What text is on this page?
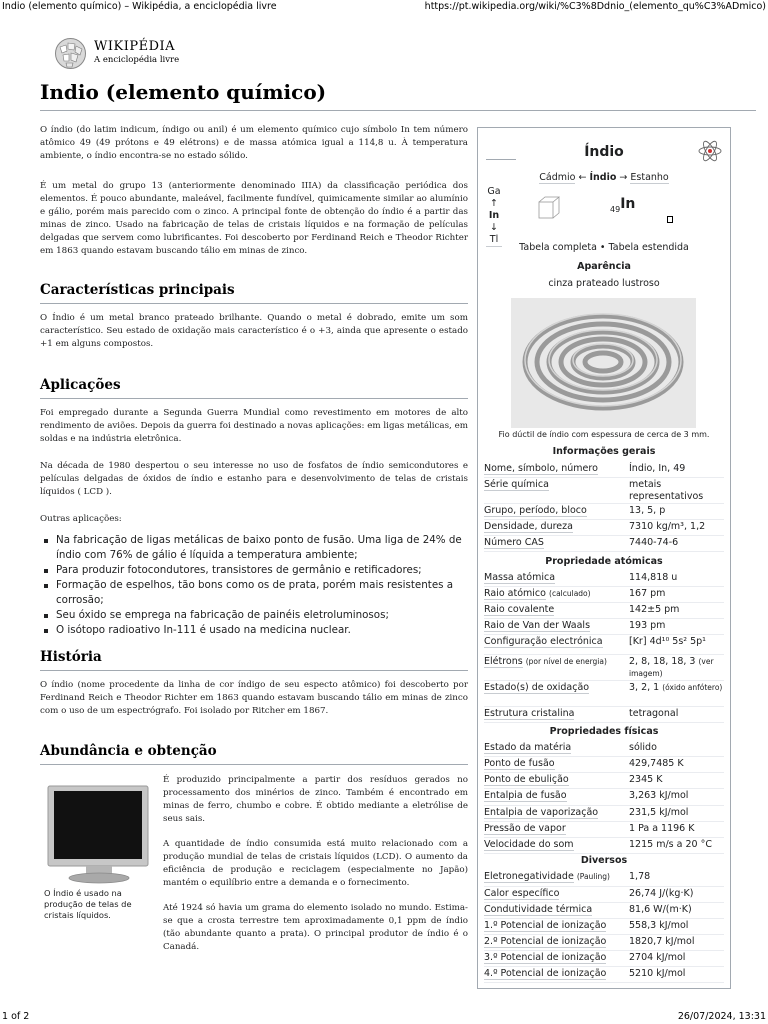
Indio (elemento químico) – Wikipédia, a enciclopédia livre	https://pt.wikipedia.org/wiki/%C3%8Ddnio_(elemento_qu%C3%ADmico)
WIKIPÉDIA
A enciclopédia livre
Indio (elemento químico)

O índio (do latim indicum, índigo ou anil) é um elemento químico cujo símbolo In tem número atômico 49 (49 prótons e 49 elétrons) e de massa atómica igual a 114,8 u. À temperatura ambiente, o índio encontra-se no estado sólido.

É um metal do grupo 13 (anteriormente denominado IIIA) da classificação periódica dos elementos. É pouco abundante, maleável, facilmente fundível, quimicamente similar ao alumínio e gálio, porém mais parecido com o zinco. A principal fonte de obtenção do índio é a partir das minas de zinco. Usado na fabricação de telas de cristais líquidos e na formação de películas delgadas que servem como lubrificantes. Foi descoberto por Ferdinand Reich e Theodor Richter em 1863 quando estavam buscando tálio em minas de zinco.

Características principais
O Índio é um metal branco prateado brilhante. Quando o metal é dobrado, emite um som característico. Seu estado de oxidação mais característico é o +3, ainda que apresente o estado +1 em alguns compostos.
Aplicações

Foi empregado durante a Segunda Guerra Mundial como revestimento em motores de alto rendimento de aviões. Depois da guerra foi destinado a novas aplicações: em ligas metálicas, em soldas e na indústria eletrônica.

Na década de 1980 despertou o seu interesse no uso de fosfatos de índio semicondutores e películas delgadas de óxidos de índio e estanho para e desenvolvimento de telas de cristais líquidos ( LCD ).

Outras aplicações:

Na fabricação de ligas metálicas de baixo ponto de fusão. Uma liga de 24% de índio com 76% de gálio é líquida a temperatura ambiente;
Para produzir fotocondutores, transistores de germânio e retificadores;
Formação de espelhos, tão bons como os de prata, porém mais resistentes a corrosão;
Seu óxido se emprega na fabricação de painéis eletroluminosos;
O isótopo radioativo In-111 é usado na medicina nuclear.
História
O índio (nome procedente da linha de cor índigo de seu especto atômico) foi descoberto por Ferdinand Reich e Theodor Richter em 1863 quando estavam buscando tálio em minas de zinco com o uso de um espectrógrafo. Foi isolado por Ritcher em 1867.
Abundância e obtenção
O Índio é usado na produção de telas de cristais líquidos.

É produzido principalmente a partir dos resíduos gerados no processamento dos minérios de zinco. Também é encontrado em minas de ferro, chumbo e cobre. É obtido mediante a eletrólise de seus sais.

A quantidade de índio consumida está muito relacionado com a produção mundial de telas de cristais líquidos (LCD). O aumento da eficiência de produção e reciclagem (especialmente no Japão) mantém o equilíbrio entre a demanda e o fornecimento.

Até 1924 só havia um grama do elemento isolado no mundo. Estima-se que a crosta terrestre tem aproximadamente 0,1 ppm de índio (tão abundante quanto a prata). O principal produtor de índio é o Canadá.

Índio
Cádmio ← Índio → Estanho
Ga
↑
In
↓
Tl
$_{49}$In
Tabela completa • Tabela estendida
Aparência
cinza prateado lustroso
Fio dúctil de índio com espessura de cerca de 3 mm.
Informações gerais
Nome, símbolo, número	Índio, In, 49
Série química	metais representativos
Grupo, período, bloco	13, 5, p
Densidade, dureza	7310 kg/m³, 1,2
Número CAS	7440-74-6
Propriedade atómicas
Massa atómica	114,818 u
Raio atómico (calculado)	167 pm
Raio covalente	142±5 pm
Raio de Van der Waals	193 pm
Configuração electrónica	[Kr] 4d¹⁰ 5s² 5p¹
Elétrons (por nível de energia)	2, 8, 18, 18, 3 (ver imagem)
Estado(s) de oxidação	3, 2, 1 (óxido anfótero)
Estrutura cristalina	tetragonal
Propriedades físicas
Estado da matéria	sólido
Ponto de fusão	429,7485 K
Ponto de ebulição	2345 K
Entalpia de fusão	3,263 kJ/mol
Entalpia de vaporização	231,5 kJ/mol
Pressão de vapor	1 Pa a 1196 K
Velocidade do som	1215 m/s a 20 °C
Diversos
Eletronegatividade (Pauling)	1,78
Calor específico	26,74 J/(kg·K)
Condutividade térmica	81,6 W/(m·K)
1.º Potencial de ionização	558,3 kJ/mol
2.º Potencial de ionização	1820,7 kJ/mol
3.º Potencial de ionização	2704 kJ/mol
4.º Potencial de ionização	5210 kJ/mol
1 of 2	26/07/2024, 13:31
